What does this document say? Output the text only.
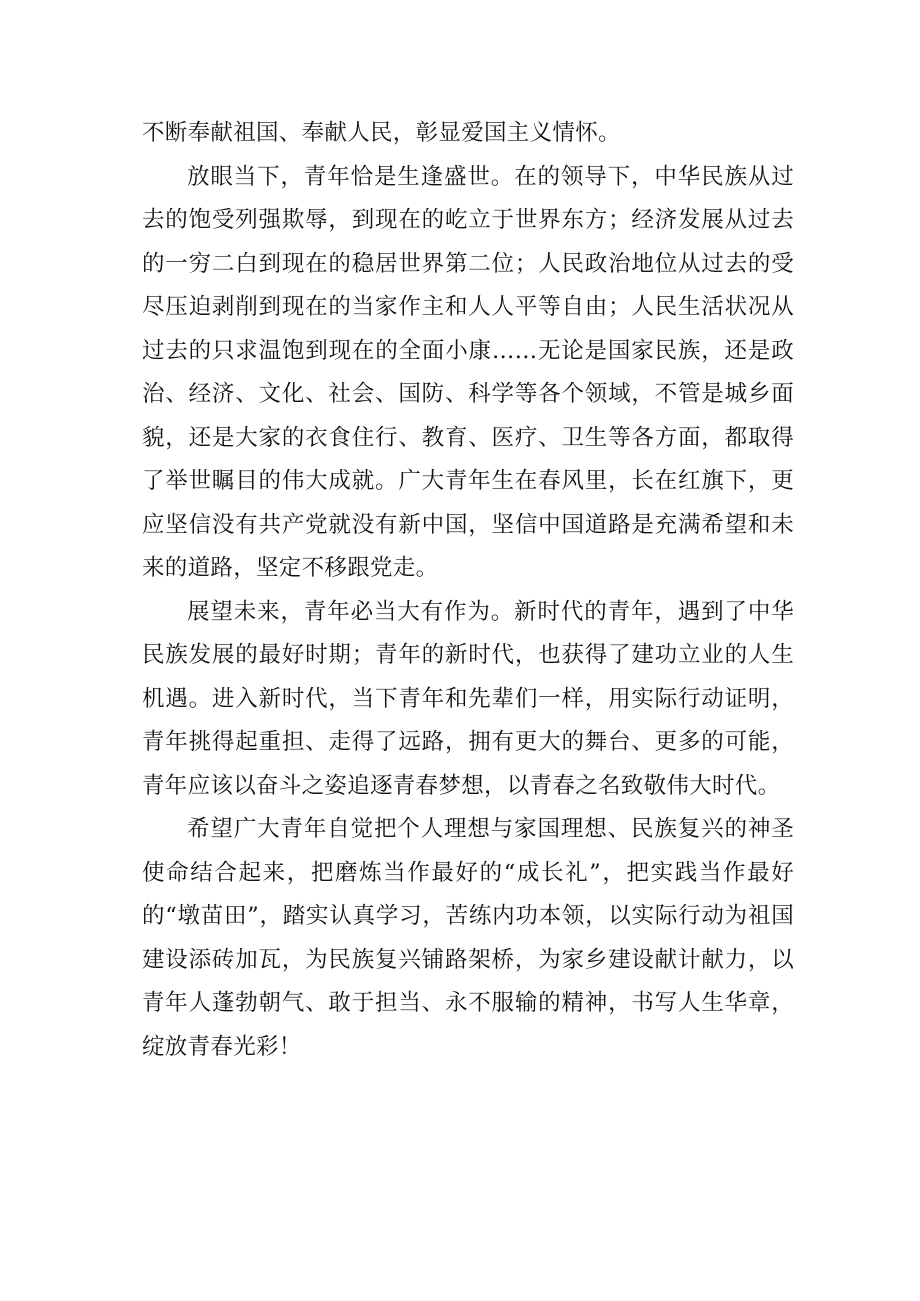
不断奉献祖国、奉献人民，彰显爱国主义情怀。

放眼当下，青年恰是生逢盛世。在的领导下，中华民族从过去的饱受列强欺辱，到现在的屹立于世界东方；经济发展从过去的一穷二白到现在的稳居世界第二位；人民政治地位从过去的受尽压迫剥削到现在的当家作主和人人平等自由；人民生活状况从过去的只求温饱到现在的全面小康……无论是国家民族，还是政治、经济、文化、社会、国防、科学等各个领域，不管是城乡面貌，还是大家的衣食住行、教育、医疗、卫生等各方面，都取得了举世瞩目的伟大成就。广大青年生在春风里，长在红旗下，更应坚信没有共产党就没有新中国，坚信中国道路是充满希望和未来的道路，坚定不移跟党走。

展望未来，青年必当大有作为。新时代的青年，遇到了中华民族发展的最好时期；青年的新时代，也获得了建功立业的人生机遇。进入新时代，当下青年和先辈们一样，用实际行动证明，青年挑得起重担、走得了远路，拥有更大的舞台、更多的可能，青年应该以奋斗之姿追逐青春梦想，以青春之名致敬伟大时代。

希望广大青年自觉把个人理想与家国理想、民族复兴的神圣使命结合起来，把磨炼当作最好的“成长礼”，把实践当作最好的“墩苗田”，踏实认真学习，苦练内功本领，以实际行动为祖国建设添砖加瓦，为民族复兴铺路架桥，为家乡建设献计献力，以青年人蓬勃朝气、敢于担当、永不服输的精神，书写人生华章，绽放青春光彩！
